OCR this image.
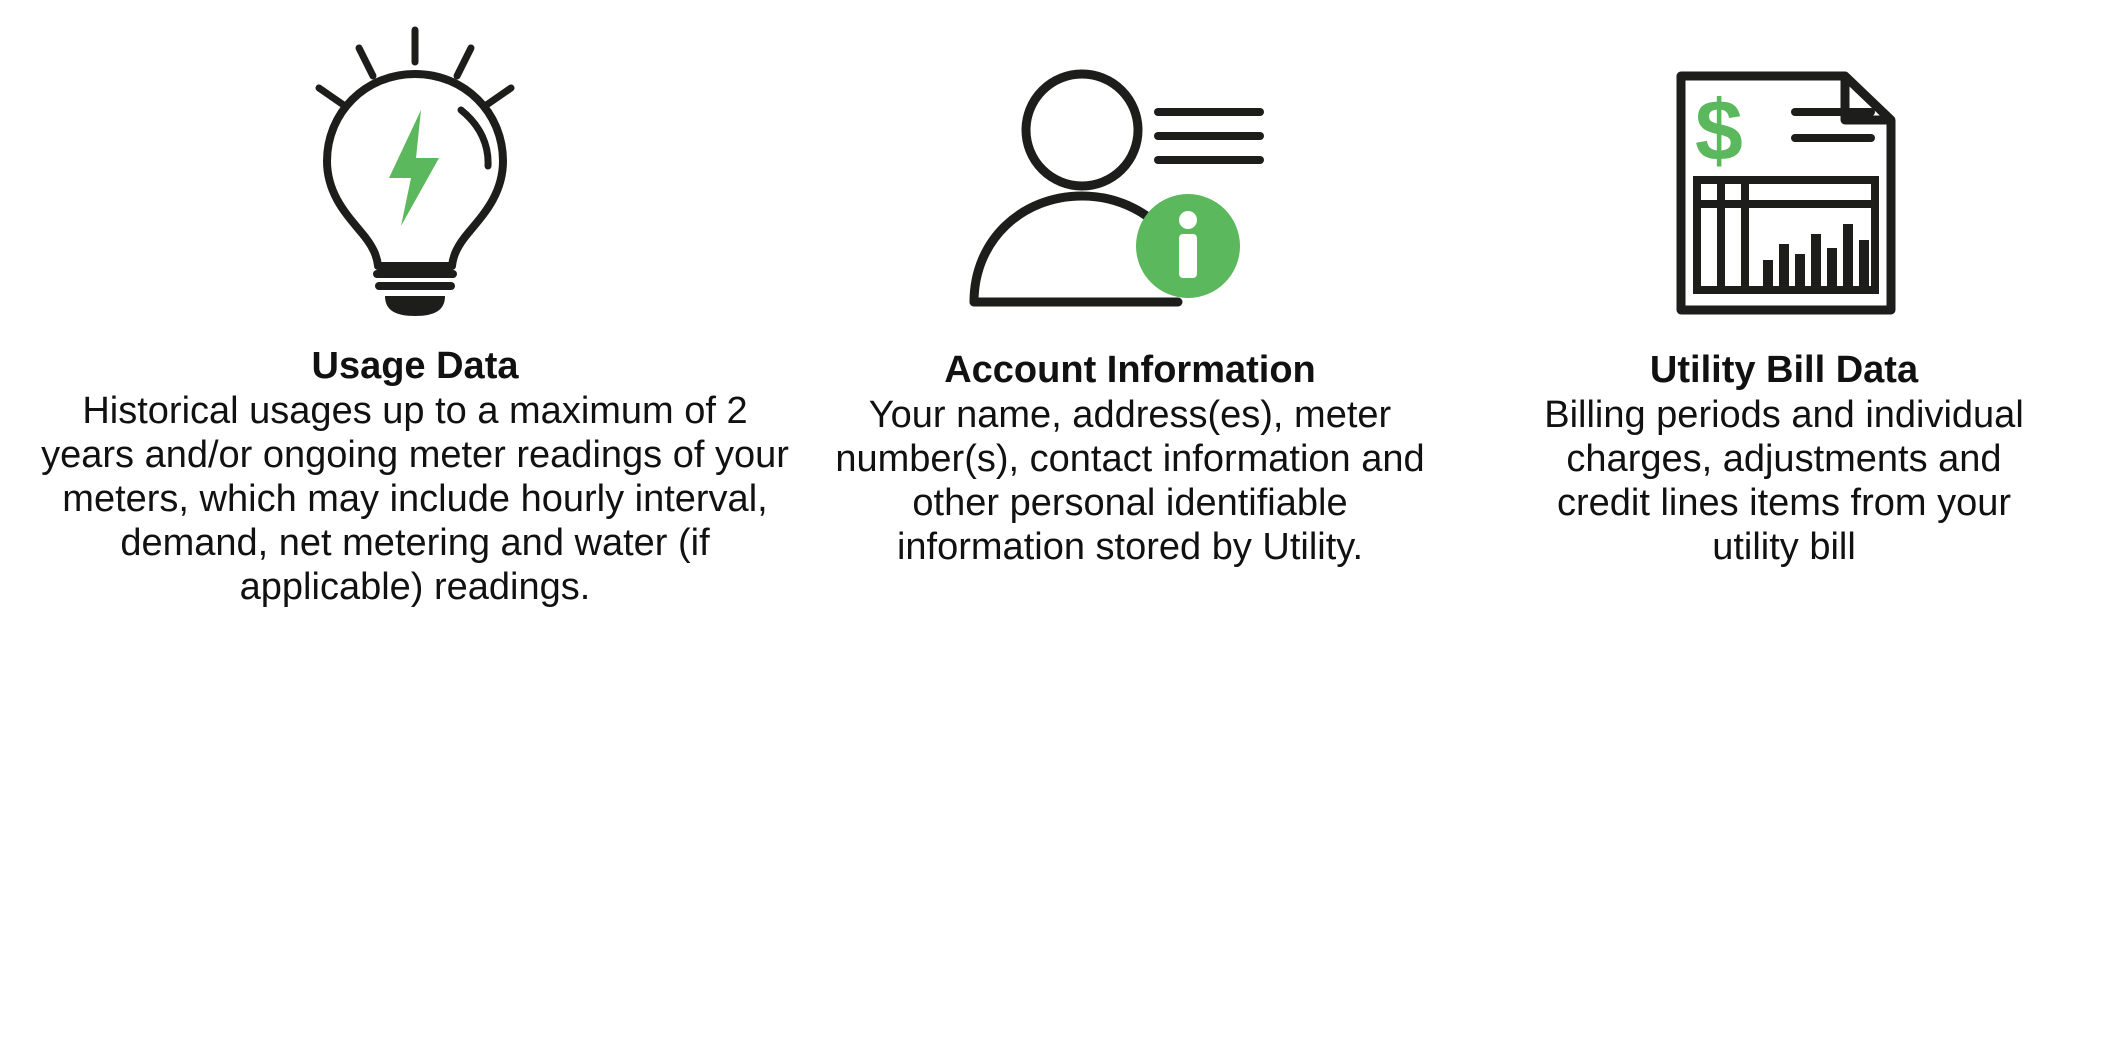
Usage Data

Historical usages up to a maximum of 2 years and/or ongoing meter readings of your meters, which may include hourly interval, demand, net metering and water (if applicable) readings.

Account Information

Your name, address(es), meter number(s), contact information and other personal identifiable information stored by Utility.

$
Utility Bill Data

Billing periods and individual charges, adjustments and credit lines items from your utility bill
